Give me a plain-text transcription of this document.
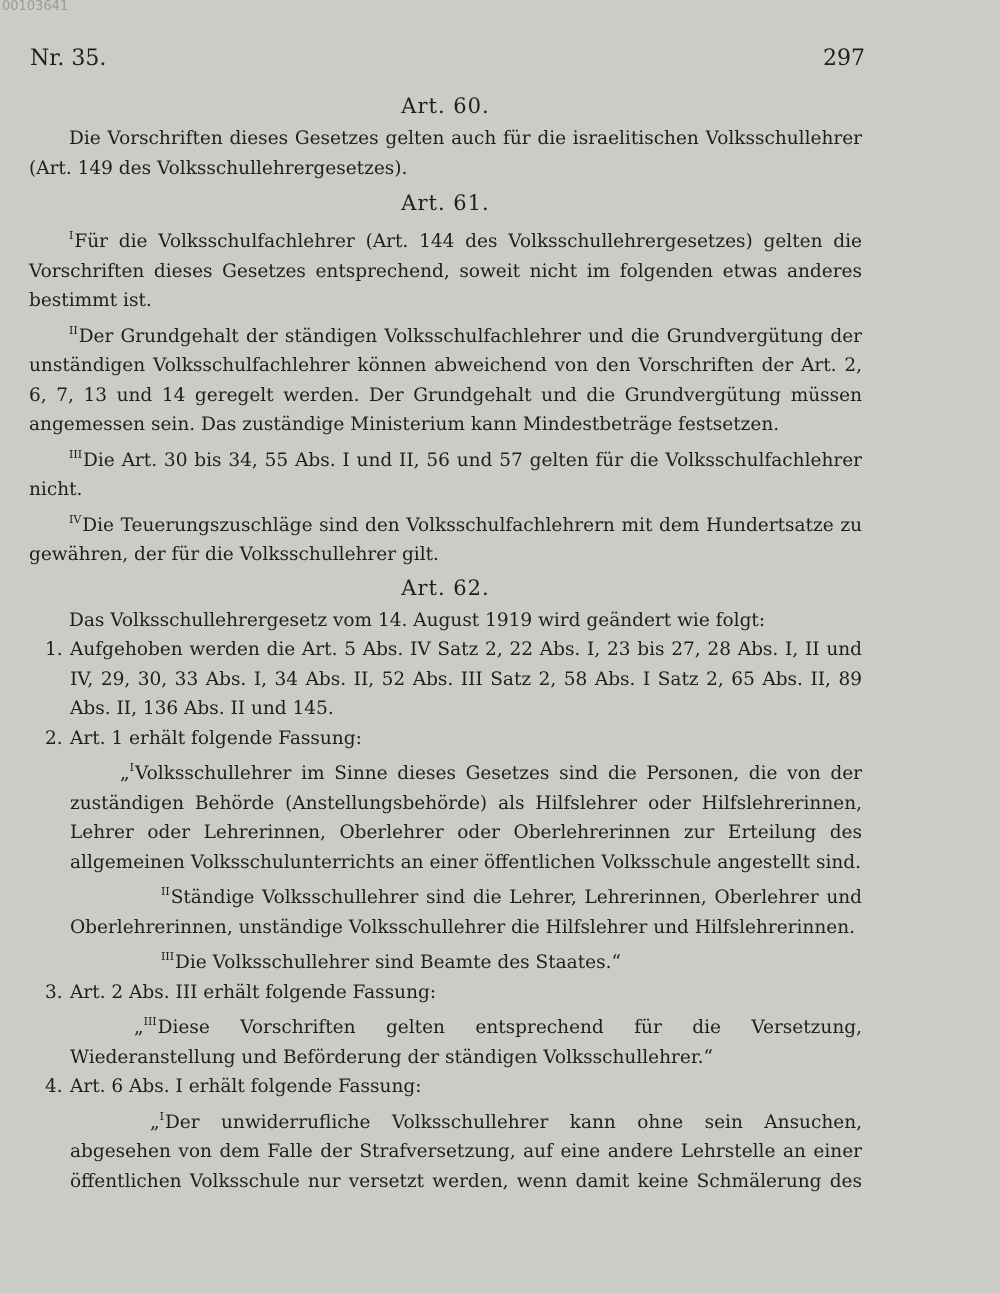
00103641
Nr. 35.	297
Art. 60.

Die Vorschriften dieses Gesetzes gelten auch für die israelitischen Volksschullehrer (Art. 149 des Volksschullehrergesetzes).

Art. 61.

$^I$Für die Volksschulfachlehrer (Art. 144 des Volksschullehrergesetzes) gelten die Vorschriften dieses Gesetzes entsprechend, soweit nicht im folgenden etwas anderes bestimmt ist.

$^{II}$Der Grundgehalt der ständigen Volksschulfachlehrer und die Grundvergütung der unständigen Volksschulfachlehrer können abweichend von den Vorschriften der Art. 2, 6, 7, 13 und 14 geregelt werden. Der Grundgehalt und die Grundvergütung müssen angemessen sein. Das zuständige Ministerium kann Mindestbeträge festsetzen.

$^{III}$Die Art. 30 bis 34, 55 Abs. I und II, 56 und 57 gelten für die Volksschulfachlehrer nicht.

$^{IV}$Die Teuerungszuschläge sind den Volksschulfachlehrern mit dem Hundertsatze zu gewähren, der für die Volksschullehrer gilt.

Art. 62.

Das Volksschullehrergesetz vom 14. August 1919 wird geändert wie folgt:

1. Aufgehoben werden die Art. 5 Abs. IV Satz 2, 22 Abs. I, 23 bis 27, 28 Abs. I, II und IV, 29, 30, 33 Abs. I, 34 Abs. II, 52 Abs. III Satz 2, 58 Abs. I Satz 2, 65 Abs. II, 89 Abs. II, 136 Abs. II und 145.

2. Art. 1 erhält folgende Fassung:

„$^I$Volksschullehrer im Sinne dieses Gesetzes sind die Personen, die von der zuständigen Behörde (Anstellungsbehörde) als Hilfslehrer oder Hilfslehrerinnen, Lehrer oder Lehrerinnen, Oberlehrer oder Oberlehrerinnen zur Erteilung des allgemeinen Volksschulunterrichts an einer öffentlichen Volksschule angestellt sind.

$^{II}$Ständige Volksschullehrer sind die Lehrer, Lehrerinnen, Oberlehrer und Oberlehrerinnen, unständige Volksschullehrer die Hilfslehrer und Hilfslehrerinnen.

$^{III}$Die Volksschullehrer sind Beamte des Staates.“

3. Art. 2 Abs. III erhält folgende Fassung:

„$^{III}$Diese Vorschriften gelten entsprechend für die Versetzung, Wiederanstellung und Beförderung der ständigen Volksschullehrer.“

4. Art. 6 Abs. I erhält folgende Fassung:

„$^I$Der unwiderrufliche Volksschullehrer kann ohne sein Ansuchen, abgesehen von dem Falle der Strafversetzung, auf eine andere Lehrstelle an einer öffentlichen Volksschule nur versetzt werden, wenn damit keine Schmälerung des
